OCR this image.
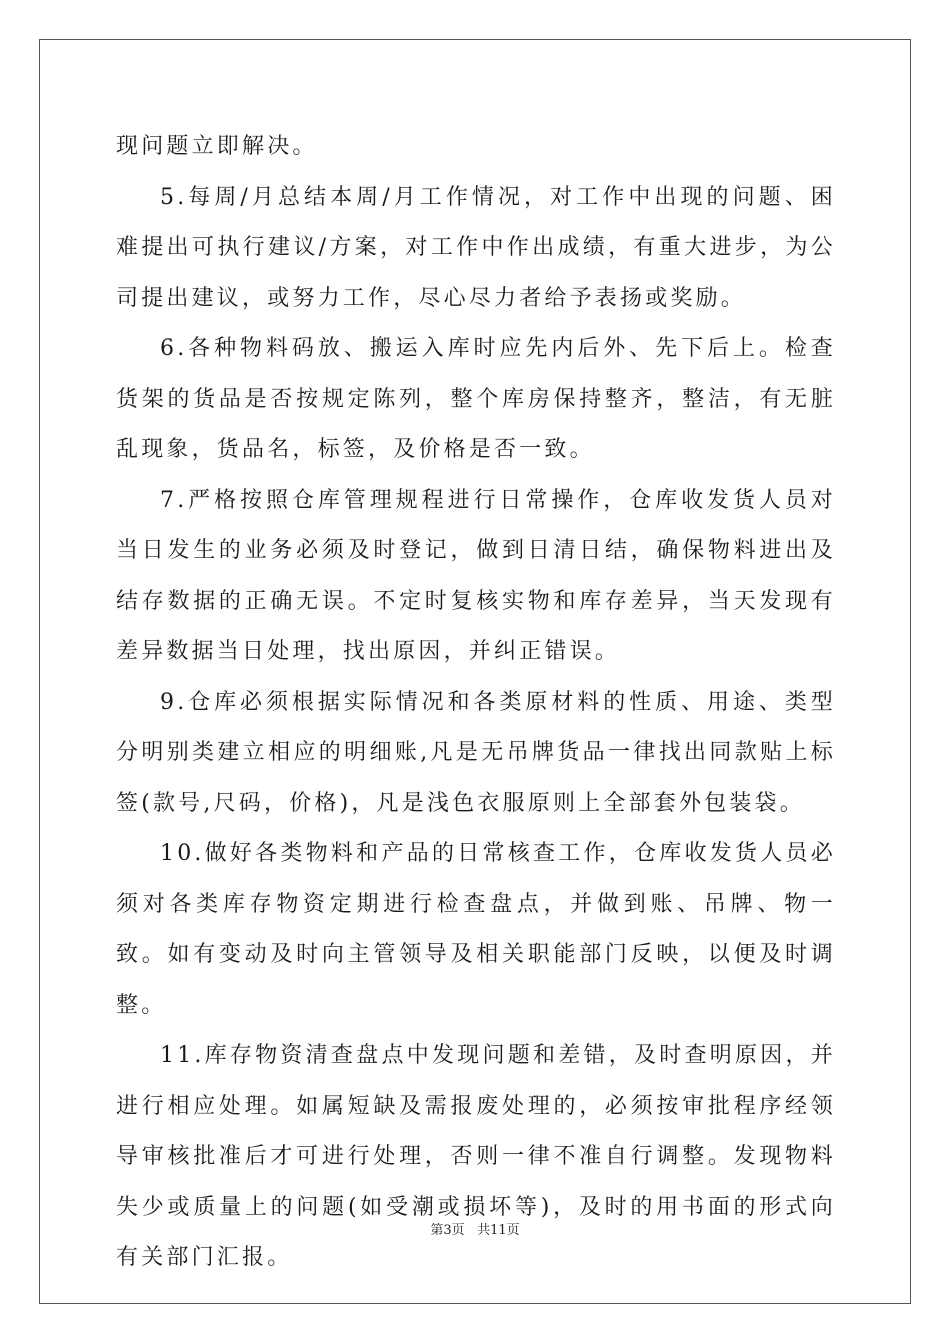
现问题立即解决。

5.每周/月总结本周/月工作情况，对工作中出现的问题、困难提出可执行建议/方案，对工作中作出成绩，有重大进步，为公司提出建议，或努力工作，尽心尽力者给予表扬或奖励。

6.各种物料码放、搬运入库时应先内后外、先下后上。检查货架的货品是否按规定陈列，整个库房保持整齐，整洁，有无脏乱现象，货品名，标签，及价格是否一致。

7.严格按照仓库管理规程进行日常操作，仓库收发货人员对当日发生的业务必须及时登记，做到日清日结，确保物料进出及结存数据的正确无误。不定时复核实物和库存差异，当天发现有差异数据当日处理，找出原因，并纠正错误。

9.仓库必须根据实际情况和各类原材料的性质、用途、类型分明别类建立相应的明细账,凡是无吊牌货品一律找出同款贴上标签(款号,尺码，价格)，凡是浅色衣服原则上全部套外包装袋。

10.做好各类物料和产品的日常核查工作，仓库收发货人员必须对各类库存物资定期进行检查盘点，并做到账、吊牌、物一致。如有变动及时向主管领导及相关职能部门反映，以便及时调整。

11.库存物资清查盘点中发现问题和差错，及时查明原因，并进行相应处理。如属短缺及需报废处理的，必须按审批程序经领导审核批准后才可进行处理，否则一律不准自行调整。发现物料失少或质量上的问题(如受潮或损坏等)，及时的用书面的形式向有关部门汇报。

第3页 共11页
